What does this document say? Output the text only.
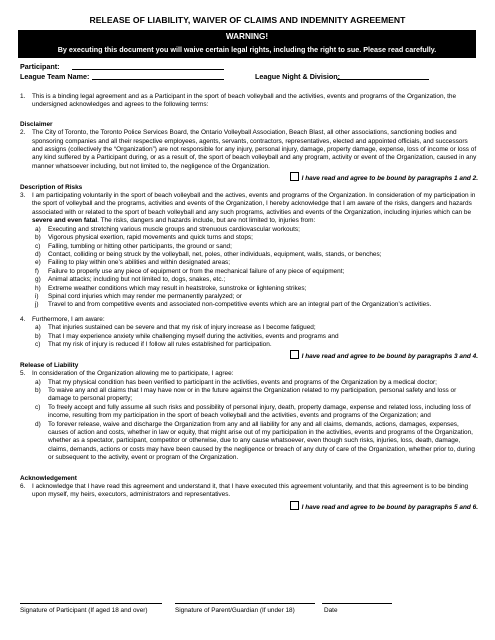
RELEASE OF LIABILITY, WAIVER OF CLAIMS AND INDEMNITY AGREEMENT
WARNING!
By executing this document you will waive certain legal rights, including the right to sue. Please read carefully.
Participant:
League Team Name:	League Night & Division:
1. This is a binding legal agreement and as a Participant in the sport of beach volleyball and the activities, events and programs of the Organization, the undersigned acknowledges and agrees to the following terms:
Disclaimer
2. The City of Toronto, the Toronto Police Services Board, the Ontario Volleyball Association, Beach Blast, all other associations, sanctioning bodies and sponsoring companies and all their respective employees, agents, servants, contractors, representatives, elected and appointed officials, and successors and assigns (collectively the “Organization”) are not responsible for any injury, personal injury, damage, property damage, expense, loss of income or loss of any kind suffered by a Participant during, or as a result of, the sport of beach volleyball and any program, activity or event of the Organization, caused in any manner whatsoever including, but not limited to, the negligence of the Organization.
I have read and agree to be bound by paragraphs 1 and 2.
Description of Risks
3. I am participating voluntarily in the sport of beach volleyball and the actives, events and programs of the Organization. In consideration of my participation in the sport of volleyball and the programs, activities and events of the Organization, I hereby acknowledge that I am aware of the risks, dangers and hazards associated with or related to the sport of beach volleyball and any such programs, activities and events of the Organization, including injuries which can be severe and even fatal. The risks, dangers and hazards include, but are not limited to, injuries from:
a) Executing and stretching various muscle groups and strenuous cardiovascular workouts;
b) Vigorous physical exertion, rapid movements and quick turns and stops;
c) Falling, tumbling or hitting other participants, the ground or sand;
d) Contact, colliding or being struck by the volleyball, net, poles, other individuals, equipment, walls, stands, or benches;
e) Failing to play within one’s abilities and within designated areas;
f) Failure to properly use any piece of equipment or from the mechanical failure of any piece of equipment;
g) Animal attacks; including but not limited to, dogs, snakes, etc.;
h) Extreme weather conditions which may result in heatstroke, sunstroke or lightening strikes;
i) Spinal cord injuries which may render me permanently paralyzed; or
j) Travel to and from competitive events and associated non-competitive events which are an integral part of the Organization’s activities.
4. Furthermore, I am aware:
a) That injuries sustained can be severe and that my risk of injury increase as I become fatigued;
b) That I may experience anxiety while challenging myself during the activities, events and programs and
c) That my risk of injury is reduced if I follow all rules established for participation.
I have read and agree to be bound by paragraphs 3 and 4.
Release of Liability
5. In consideration of the Organization allowing me to participate, I agree:
a) That my physical condition has been verified to participant in the activities, events and programs of the Organization by a medical doctor;
b) To waive any and all claims that I may have now or in the future against the Organization related to my participation, personal safety and loss or damage to personal property;
c) To freely accept and fully assume all such risks and possibility of personal injury, death, property damage, expense and related loss, including loss of income, resulting from my participation in the sport of beach volleyball and the activities, events and programs of the Organization; and
d) To forever release, waive and discharge the Organization from any and all liability for any and all claims, demands, actions, damages, expenses, causes of action and costs, whether in law or equity, that might arise out of my participation in the activities, events and programs of the Organization, whether as a spectator, participant, competitor or otherwise, due to any cause whatsoever, even though such risks, injuries, loss, death, damage, claims, demands, actions or costs may have been caused by the negligence or breach of any duty of care of the Organization, whether prior to, during or subsequent to the activity, event or program of the Organization.
Acknowledgement
6. I acknowledge that I have read this agreement and understand it, that I have executed this agreement voluntarily, and that this agreement is to be binding upon myself, my heirs, executors, administrators and representatives.
I have read and agree to be bound by paragraphs 5 and 6.
Signature of Participant (If aged 18 and over)	Signature of Parent/Guardian (If under 18)	Date
